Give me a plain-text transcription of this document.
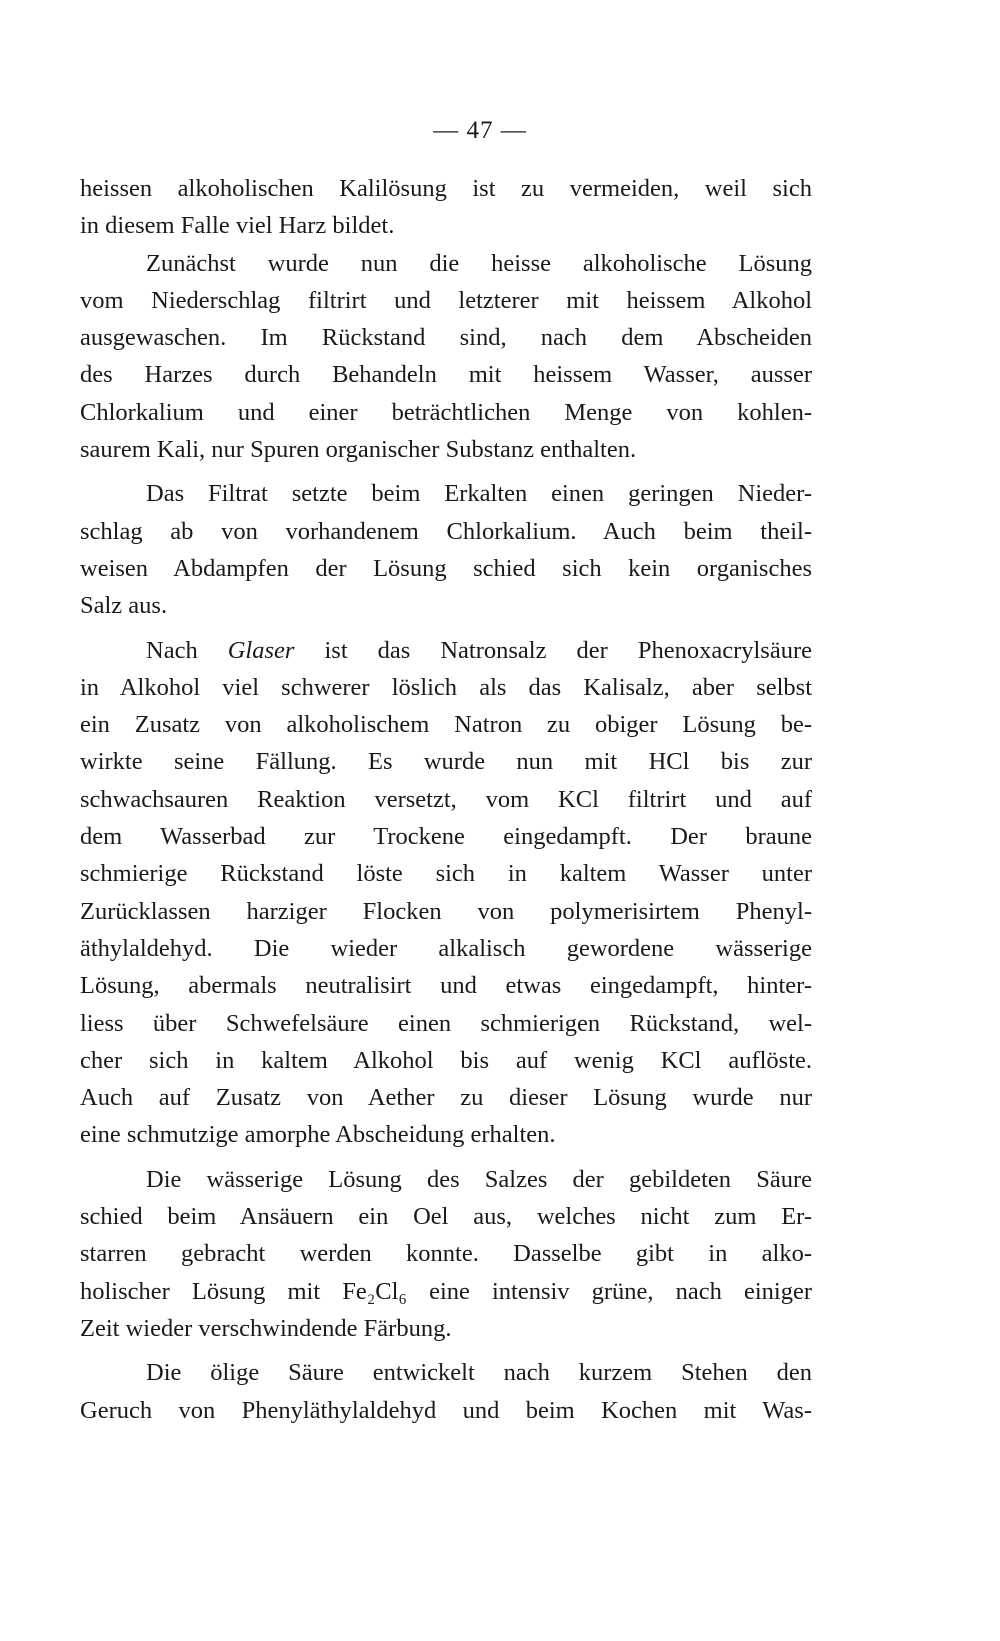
— 47 —
heissen alkoholischen Kalilösung ist zu vermeiden, weil sich
in diesem Falle viel Harz bildet.
Zunächst wurde nun die heisse alkoholische Lösung
vom Niederschlag filtrirt und letzterer mit heissem Alkohol
ausgewaschen. Im Rückstand sind, nach dem Abscheiden
des Harzes durch Behandeln mit heissem Wasser, ausser
Chlorkalium und einer beträchtlichen Menge von kohlen-
saurem Kali, nur Spuren organischer Substanz enthalten.
Das Filtrat setzte beim Erkalten einen geringen Nieder-
schlag ab von vorhandenem Chlorkalium. Auch beim theil-
weisen Abdampfen der Lösung schied sich kein organisches
Salz aus.
Nach Glaser ist das Natronsalz der Phenoxacrylsäure
in Alkohol viel schwerer löslich als das Kalisalz, aber selbst
ein Zusatz von alkoholischem Natron zu obiger Lösung be-
wirkte seine Fällung. Es wurde nun mit HCl bis zur
schwachsauren Reaktion versetzt, vom KCl filtrirt und auf
dem Wasserbad zur Trockene eingedampft. Der braune
schmierige Rückstand löste sich in kaltem Wasser unter
Zurücklassen harziger Flocken von polymerisirtem Phenyl-
äthylaldehyd. Die wieder alkalisch gewordene wässerige
Lösung, abermals neutralisirt und etwas eingedampft, hinter-
liess über Schwefelsäure einen schmierigen Rückstand, wel-
cher sich in kaltem Alkohol bis auf wenig KCl auflöste.
Auch auf Zusatz von Aether zu dieser Lösung wurde nur
eine schmutzige amorphe Abscheidung erhalten.
Die wässerige Lösung des Salzes der gebildeten Säure
schied beim Ansäuern ein Oel aus, welches nicht zum Er-
starren gebracht werden konnte. Dasselbe gibt in alko-
holischer Lösung mit Fe₂Cl₆ eine intensiv grüne, nach einiger
Zeit wieder verschwindende Färbung.
Die ölige Säure entwickelt nach kurzem Stehen den
Geruch von Phenyläthylaldehyd und beim Kochen mit Was-
